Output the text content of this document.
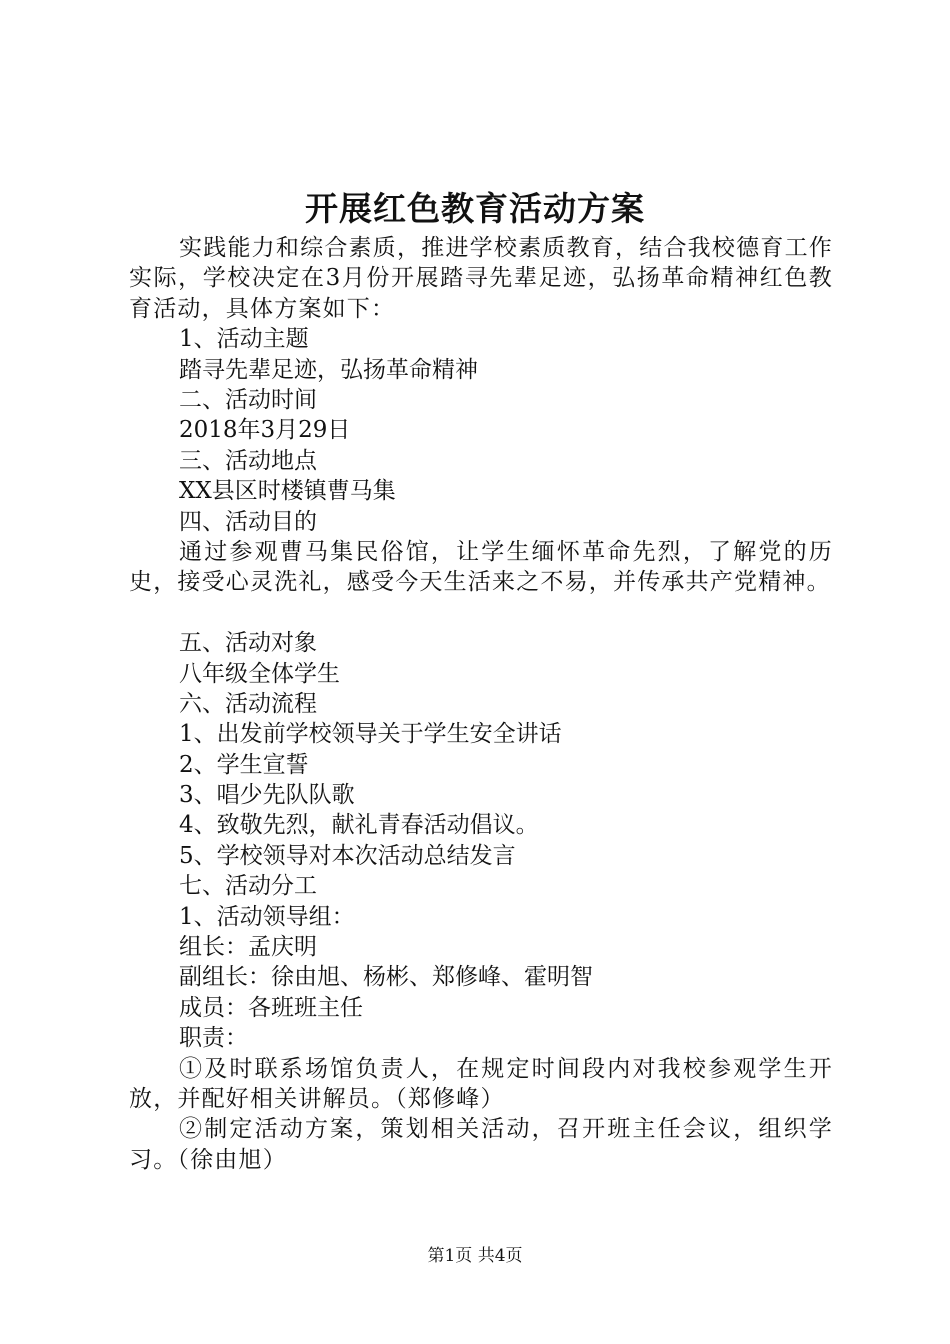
开展红色教育活动方案
实践能力和综合素质，推进学校素质教育，结合我校德育工作实际，学校决定在3月份开展踏寻先辈足迹，弘扬革命精神红色教育活动，具体方案如下：
1、活动主题
踏寻先辈足迹，弘扬革命精神
二、活动时间
2018年3月29日
三、活动地点
XX县区时楼镇曹马集
四、活动目的
通过参观曹马集民俗馆，让学生缅怀革命先烈，了解党的历史，接受心灵洗礼，感受今天生活来之不易，并传承共产党精神。
五、活动对象
八年级全体学生
六、活动流程
1、出发前学校领导关于学生安全讲话
2、学生宣誓
3、唱少先队队歌
4、致敬先烈，献礼青春活动倡议。
5、学校领导对本次活动总结发言
七、活动分工
1、活动领导组：
组长：孟庆明
副组长：徐由旭、杨彬、郑修峰、霍明智
成员：各班班主任
职责：
①及时联系场馆负责人，在规定时间段内对我校参观学生开放，并配好相关讲解员。（郑修峰）
②制定活动方案，策划相关活动，召开班主任会议，组织学习。（徐由旭）
第1页 共4页
